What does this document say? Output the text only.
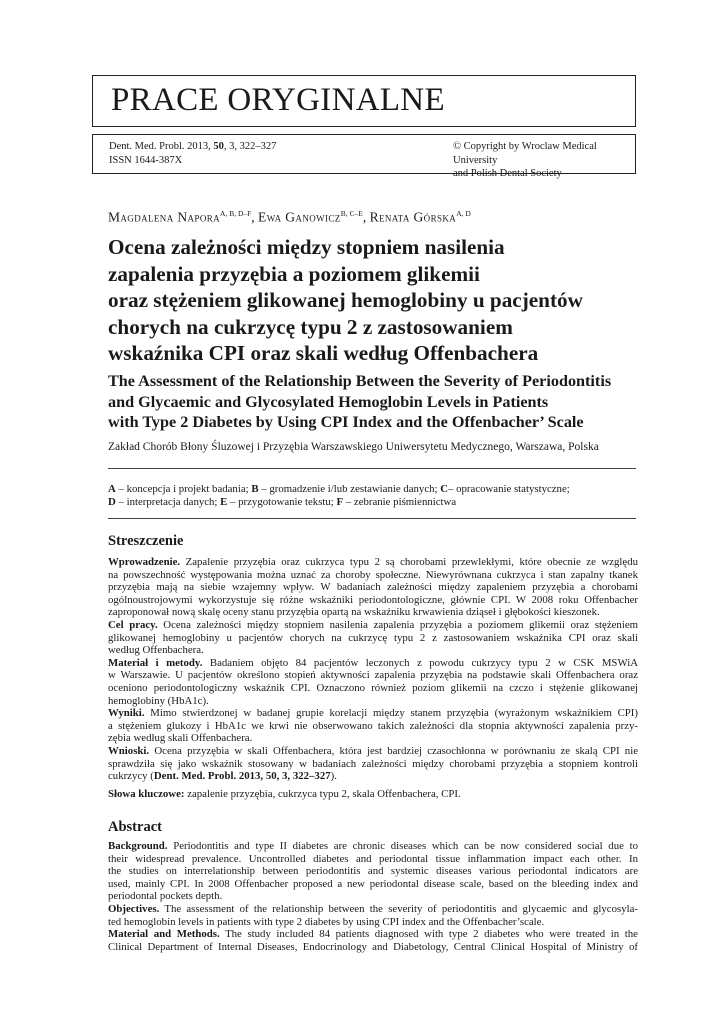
PRACE ORYGINALNE
Dent. Med. Probl. 2013, 50, 3, 322–327
ISSN 1644-387X
© Copyright by Wroclaw Medical University
and Polish Dental Society
Magdalena Napora$^{A, B, D-F}$, Ewa Ganowicz$^{B, C-E}$, Renata Górska$^{A, D}$
Ocena zależności między stopniem nasilenia
zapalenia przyzębia a poziomem glikemii
oraz stężeniem glikowanej hemoglobiny u pacjentów
chorych na cukrzycę typu 2 z zastosowaniem
wskaźnika CPI oraz skali według Offenbachera
The Assessment of the Relationship Between the Severity of Periodontitis
and Glycaemic and Glycosylated Hemoglobin Levels in Patients
with Type 2 Diabetes by Using CPI Index and the Offenbacher’ Scale
Zakład Chorób Błony Śluzowej i Przyzębia Warszawskiego Uniwersytetu Medycznego, Warszawa, Polska
A – koncepcja i projekt badania; B – gromadzenie i/lub zestawianie danych; C– opracowanie statystyczne;
D – interpretacja danych; E – przygotowanie tekstu; F – zebranie piśmiennictwa
Streszczenie

Wprowadzenie. Zapalenie przyzębia oraz cukrzyca typu 2 są chorobami przewlekłymi, które obecnie ze względu
na powszechność występowania można uznać za choroby społeczne. Niewyrównana cukrzyca i stan zapalny tkanek
przyzębia mają na siebie wzajemny wpływ. W badaniach zależności między zapaleniem przyzębia a chorobami
ogólnoustrojowymi wykorzystuje się różne wskaźniki periodontologiczne, głównie CPI. W 2008 roku Offenbacher
zaproponował nową skalę oceny stanu przyzębia opartą na wskaźniku krwawienia dziąseł i głębokości kieszonek.

Cel pracy. Ocena zależności między stopniem nasilenia zapalenia przyzębia a poziomem glikemii oraz stężeniem
glikowanej hemoglobiny u pacjentów chorych na cukrzycę typu 2 z zastosowaniem wskaźnika CPI oraz skali
według Offenbachera.

Materiał i metody. Badaniem objęto 84 pacjentów leczonych z powodu cukrzycy typu 2 w CSK MSWiA
w Warszawie. U pacjentów określono stopień aktywności zapalenia przyzębia na podstawie skali Offenbachera oraz
oceniono periodontologiczny wskaźnik CPI. Oznaczono również poziom glikemii na czczo i stężenie glikowanej
hemoglobiny (HbA1c).

Wyniki. Mimo stwierdzonej w badanej grupie korelacji między stanem przyzębia (wyrażonym wskaźnikiem CPI)
a stężeniem glukozy i HbA1c we krwi nie obserwowano takich zależności dla stopnia aktywności zapalenia przy-
zębia według skali Offenbachera.

Wnioski. Ocena przyzębia w skali Offenbachera, która jest bardziej czasochłonna w porównaniu ze skalą CPI nie
sprawdziła się jako wskaźnik stosowany w badaniach zależności między chorobami przyzębia a stopniem kontroli
cukrzycy (Dent. Med. Probl. 2013, 50, 3, 322–327).

Słowa kluczowe: zapalenie przyzębia, cukrzyca typu 2, skala Offenbachera, CPI.

Abstract

Background. Periodontitis and type II diabetes are chronic diseases which can be now considered social due to
their widespread prevalence. Uncontrolled diabetes and periodontal tissue inflammation impact each other. In
the studies on interrelationship between periodontitis and systemic diseases various periodontal indicators are
used, mainly CPI. In 2008 Offenbacher proposed a new periodontal disease scale, based on the bleeding index and
periodontal pockets depth.

Objectives. The assessment of the relationship between the severity of periodontitis and glycaemic and glycosyla-
ted hemoglobin levels in patients with type 2 diabetes by using CPI index and the Offenbacher’scale.

Material and Methods. The study included 84 patients diagnosed with type 2 diabetes who were treated in the
Clinical Department of Internal Diseases, Endocrinology and Diabetology, Central Clinical Hospital of Ministry of
